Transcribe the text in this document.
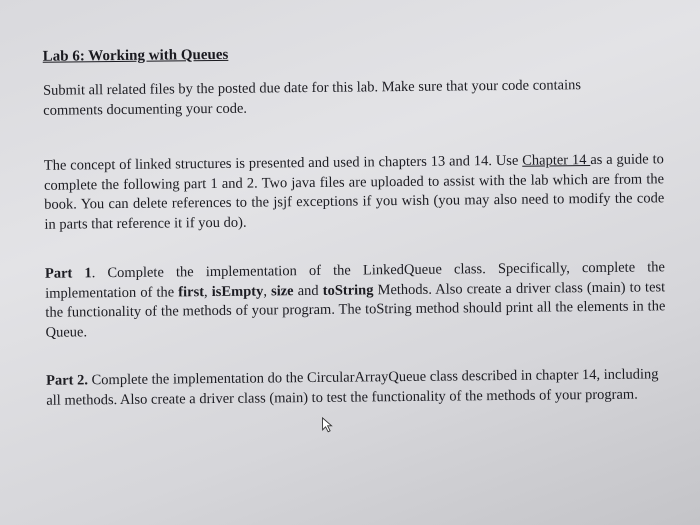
Lab 6: Working with Queues

Submit all related files by the posted due date for this lab. Make sure that your code contains comments documenting your code.

The concept of linked structures is presented and used in chapters 13 and 14. Use Chapter 14 as a guide to complete the following part 1 and 2. Two java files are uploaded to assist with the lab which are from the book. You can delete references to the jsjf exceptions if you wish (you may also need to modify the code in parts that reference it if you do).

Part 1. Complete the implementation of the LinkedQueue class. Specifically, complete the implementation of the first, isEmpty, size and toString Methods. Also create a driver class (main) to test the functionality of the methods of your program. The toString method should print all the elements in the Queue.

Part 2. Complete the implementation do the CircularArrayQueue class described in chapter 14, including all methods. Also create a driver class (main) to test the functionality of the methods of your program.
